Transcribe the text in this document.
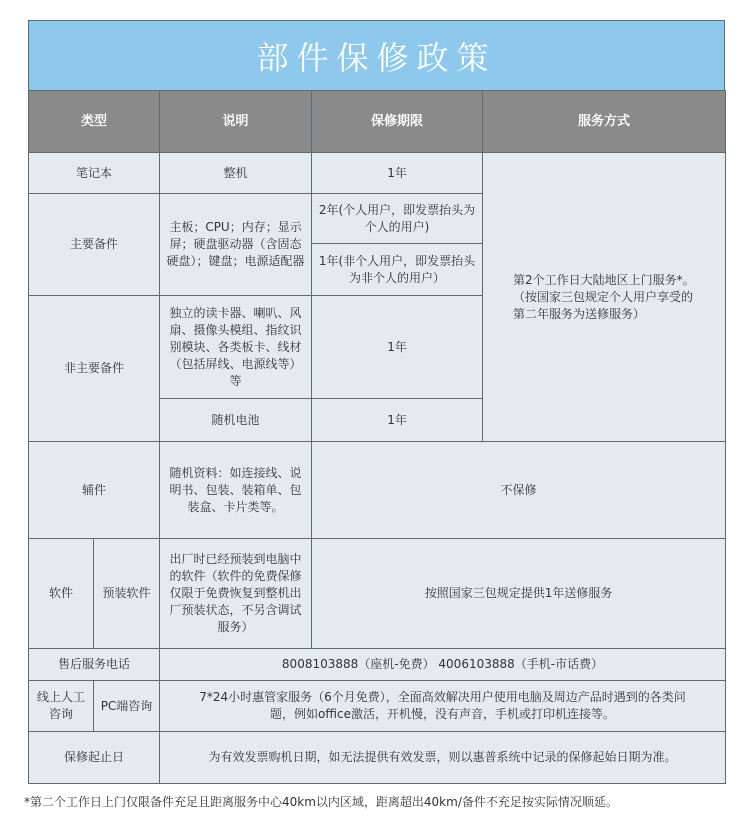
部件保修政策
类型		说明	保修期限	服务方式
笔记本		整机	1年	第2个工作日大陆地区上门服务*。（按国家三包规定个人用户享受的第二年服务为送修服务）
主要备件		主板；CPU；内存；显示屏；硬盘驱动器（含固态硬盘）；键盘；电源适配器	2年(个人用户，即发票抬头为个人的用户)	
			1年(非个人用户，即发票抬头为非个人的用户）	
非主要备件		独立的读卡器、喇叭、风扇、摄像头模组、指纹识别模块、各类板卡、线材（包括屏线、电源线等）等	1年	
		随机电池	1年	
辅件		随机资料：如连接线、说明书、包装、装箱单、包装盒、卡片类等。	不保修	
软件	预装软件	出厂时已经预装到电脑中的软件（软件的免费保修仅限于免费恢复到整机出厂预装状态，不另含调试服务）	按照国家三包规定提供1年送修服务	
售后服务电话		8008103888（座机-免费） 4006103888（手机-市话费）		
线上人工咨询	PC端咨询	7*24小时惠管家服务（6个月免费），全面高效解决用户使用电脑及周边产品时遇到的各类问题，例如office激活，开机慢，没有声音，手机或打印机连接等。		
保修起止日		为有效发票购机日期，如无法提供有效发票，则以惠普系统中记录的保修起始日期为准。		
*第二个工作日上门仅限备件充足且距离服务中心40km以内区域，距离超出40km/备件不充足按实际情况顺延。
